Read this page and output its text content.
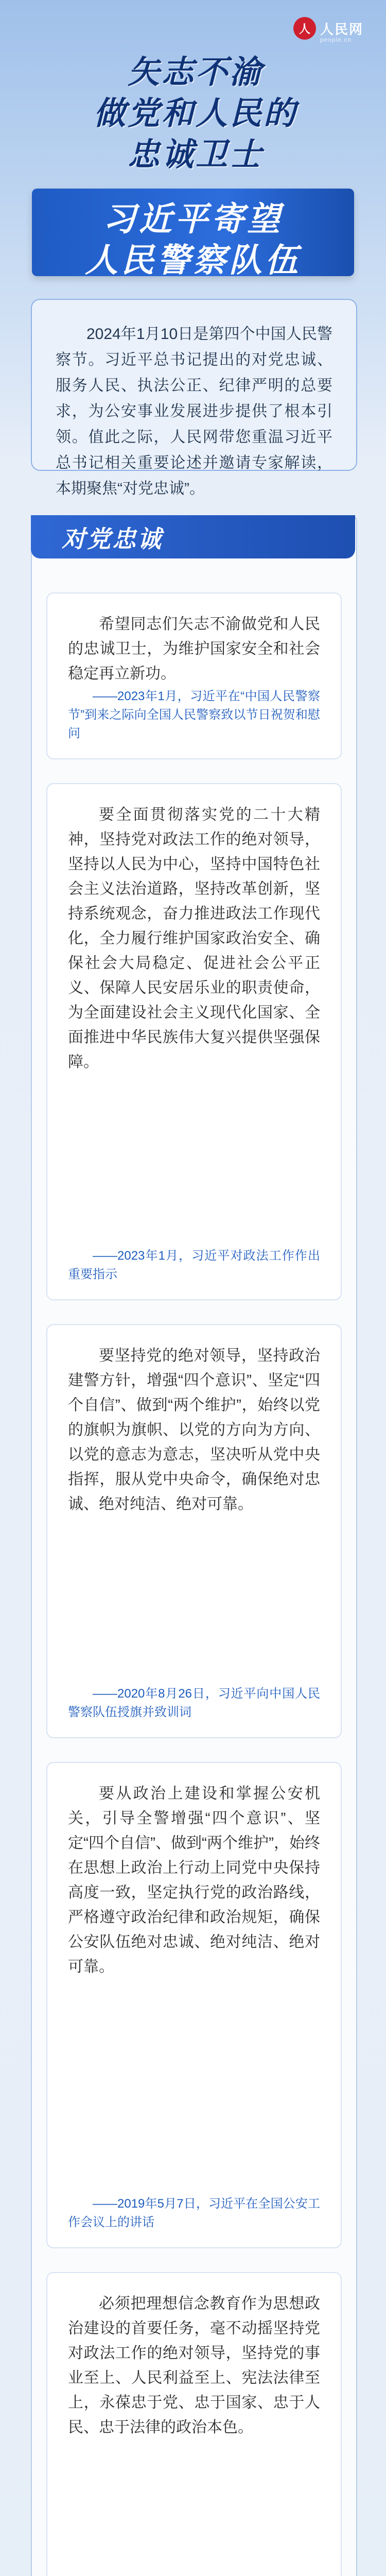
人 人民网
people.cn
矢志不渝
做党和人民的
忠诚卫士
习近平寄望
人民警察队伍

2024年1月10日是第四个中国人民警察节。习近平总书记提出的对党忠诚、服务人民、执法公正、纪律严明的总要求，为公安事业发展进步提供了根本引领。值此之际，人民网带您重温习近平总书记相关重要论述并邀请专家解读，本期聚焦“对党忠诚”。

对党忠诚

希望同志们矢志不渝做党和人民的忠诚卫士，为维护国家安全和社会稳定再立新功。

——2023年1月，习近平在“中国人民警察节”到来之际向全国人民警察致以节日祝贺和慰问

要全面贯彻落实党的二十大精神，坚持党对政法工作的绝对领导，坚持以人民为中心，坚持中国特色社会主义法治道路，坚持改革创新，坚持系统观念，奋力推进政法工作现代化，全力履行维护国家政治安全、确保社会大局稳定、促进社会公平正义、保障人民安居乐业的职责使命，为全面建设社会主义现代化国家、全面推进中华民族伟大复兴提供坚强保障。

——2023年1月，习近平对政法工作作出重要指示

要坚持党的绝对领导，坚持政治建警方针，增强“四个意识”、坚定“四个自信”、做到“两个维护”，始终以党的旗帜为旗帜、以党的方向为方向、以党的意志为意志，坚决听从党中央指挥，服从党中央命令，确保绝对忠诚、绝对纯洁、绝对可靠。

——2020年8月26日，习近平向中国人民警察队伍授旗并致训词

要从政治上建设和掌握公安机关，引导全警增强“四个意识”、坚定“四个自信”、做到“两个维护”，始终在思想上政治上行动上同党中央保持高度一致，坚定执行党的政治路线，严格遵守政治纪律和政治规矩，确保公安队伍绝对忠诚、绝对纯洁、绝对可靠。

——2019年5月7日，习近平在全国公安工作会议上的讲话

必须把理想信念教育作为思想政治建设的首要任务，毫不动摇坚持党对政法工作的绝对领导，坚持党的事业至上、人民利益至上、宪法法律至上，永葆忠于党、忠于国家、忠于人民、忠于法律的政治本色。
